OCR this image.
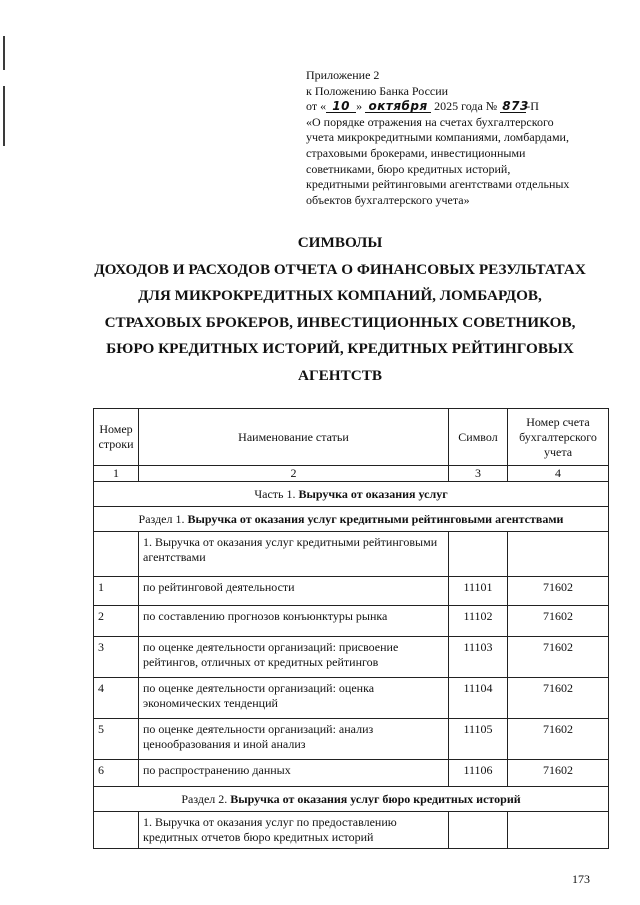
Приложение 2
к Положению Банка России
от « 10 » октября 2025 года № 873-П
«О порядке отражения на счетах бухгалтерского
учета микрокредитными компаниями, ломбардами,
страховыми брокерами, инвестиционными
советниками, бюро кредитных историй,
кредитными рейтинговыми агентствами отдельных
объектов бухгалтерского учета»
СИМВОЛЫ
ДОХОДОВ И РАСХОДОВ ОТЧЕТА О ФИНАНСОВЫХ РЕЗУЛЬТАТАХ
ДЛЯ МИКРОКРЕДИТНЫХ КОМПАНИЙ, ЛОМБАРДОВ,
СТРАХОВЫХ БРОКЕРОВ, ИНВЕСТИЦИОННЫХ СОВЕТНИКОВ,
БЮРО КРЕДИТНЫХ ИСТОРИЙ, КРЕДИТНЫХ РЕЙТИНГОВЫХ
АГЕНТСТВ
Номер строки	Наименование статьи	Символ	Номер счета бухгалтерского учета
1	2	3	4
Часть 1. Выручка от оказания услуг			
Раздел 1. Выручка от оказания услуг кредитными рейтинговыми агентствами			
	1. Выручка от оказания услуг кредитными рейтинговыми агентствами		
1	по рейтинговой деятельности	11101	71602
2	по составлению прогнозов конъюнктуры рынка	11102	71602
3	по оценке деятельности организаций: присвоение рейтингов, отличных от кредитных рейтингов	11103	71602
4	по оценке деятельности организаций: оценка экономических тенденций	11104	71602
5	по оценке деятельности организаций: анализ ценообразования и иной анализ	11105	71602
6	по распространению данных	11106	71602
Раздел 2. Выручка от оказания услуг бюро кредитных историй			
	1. Выручка от оказания услуг по предоставлению кредитных отчетов бюро кредитных историй		
173
